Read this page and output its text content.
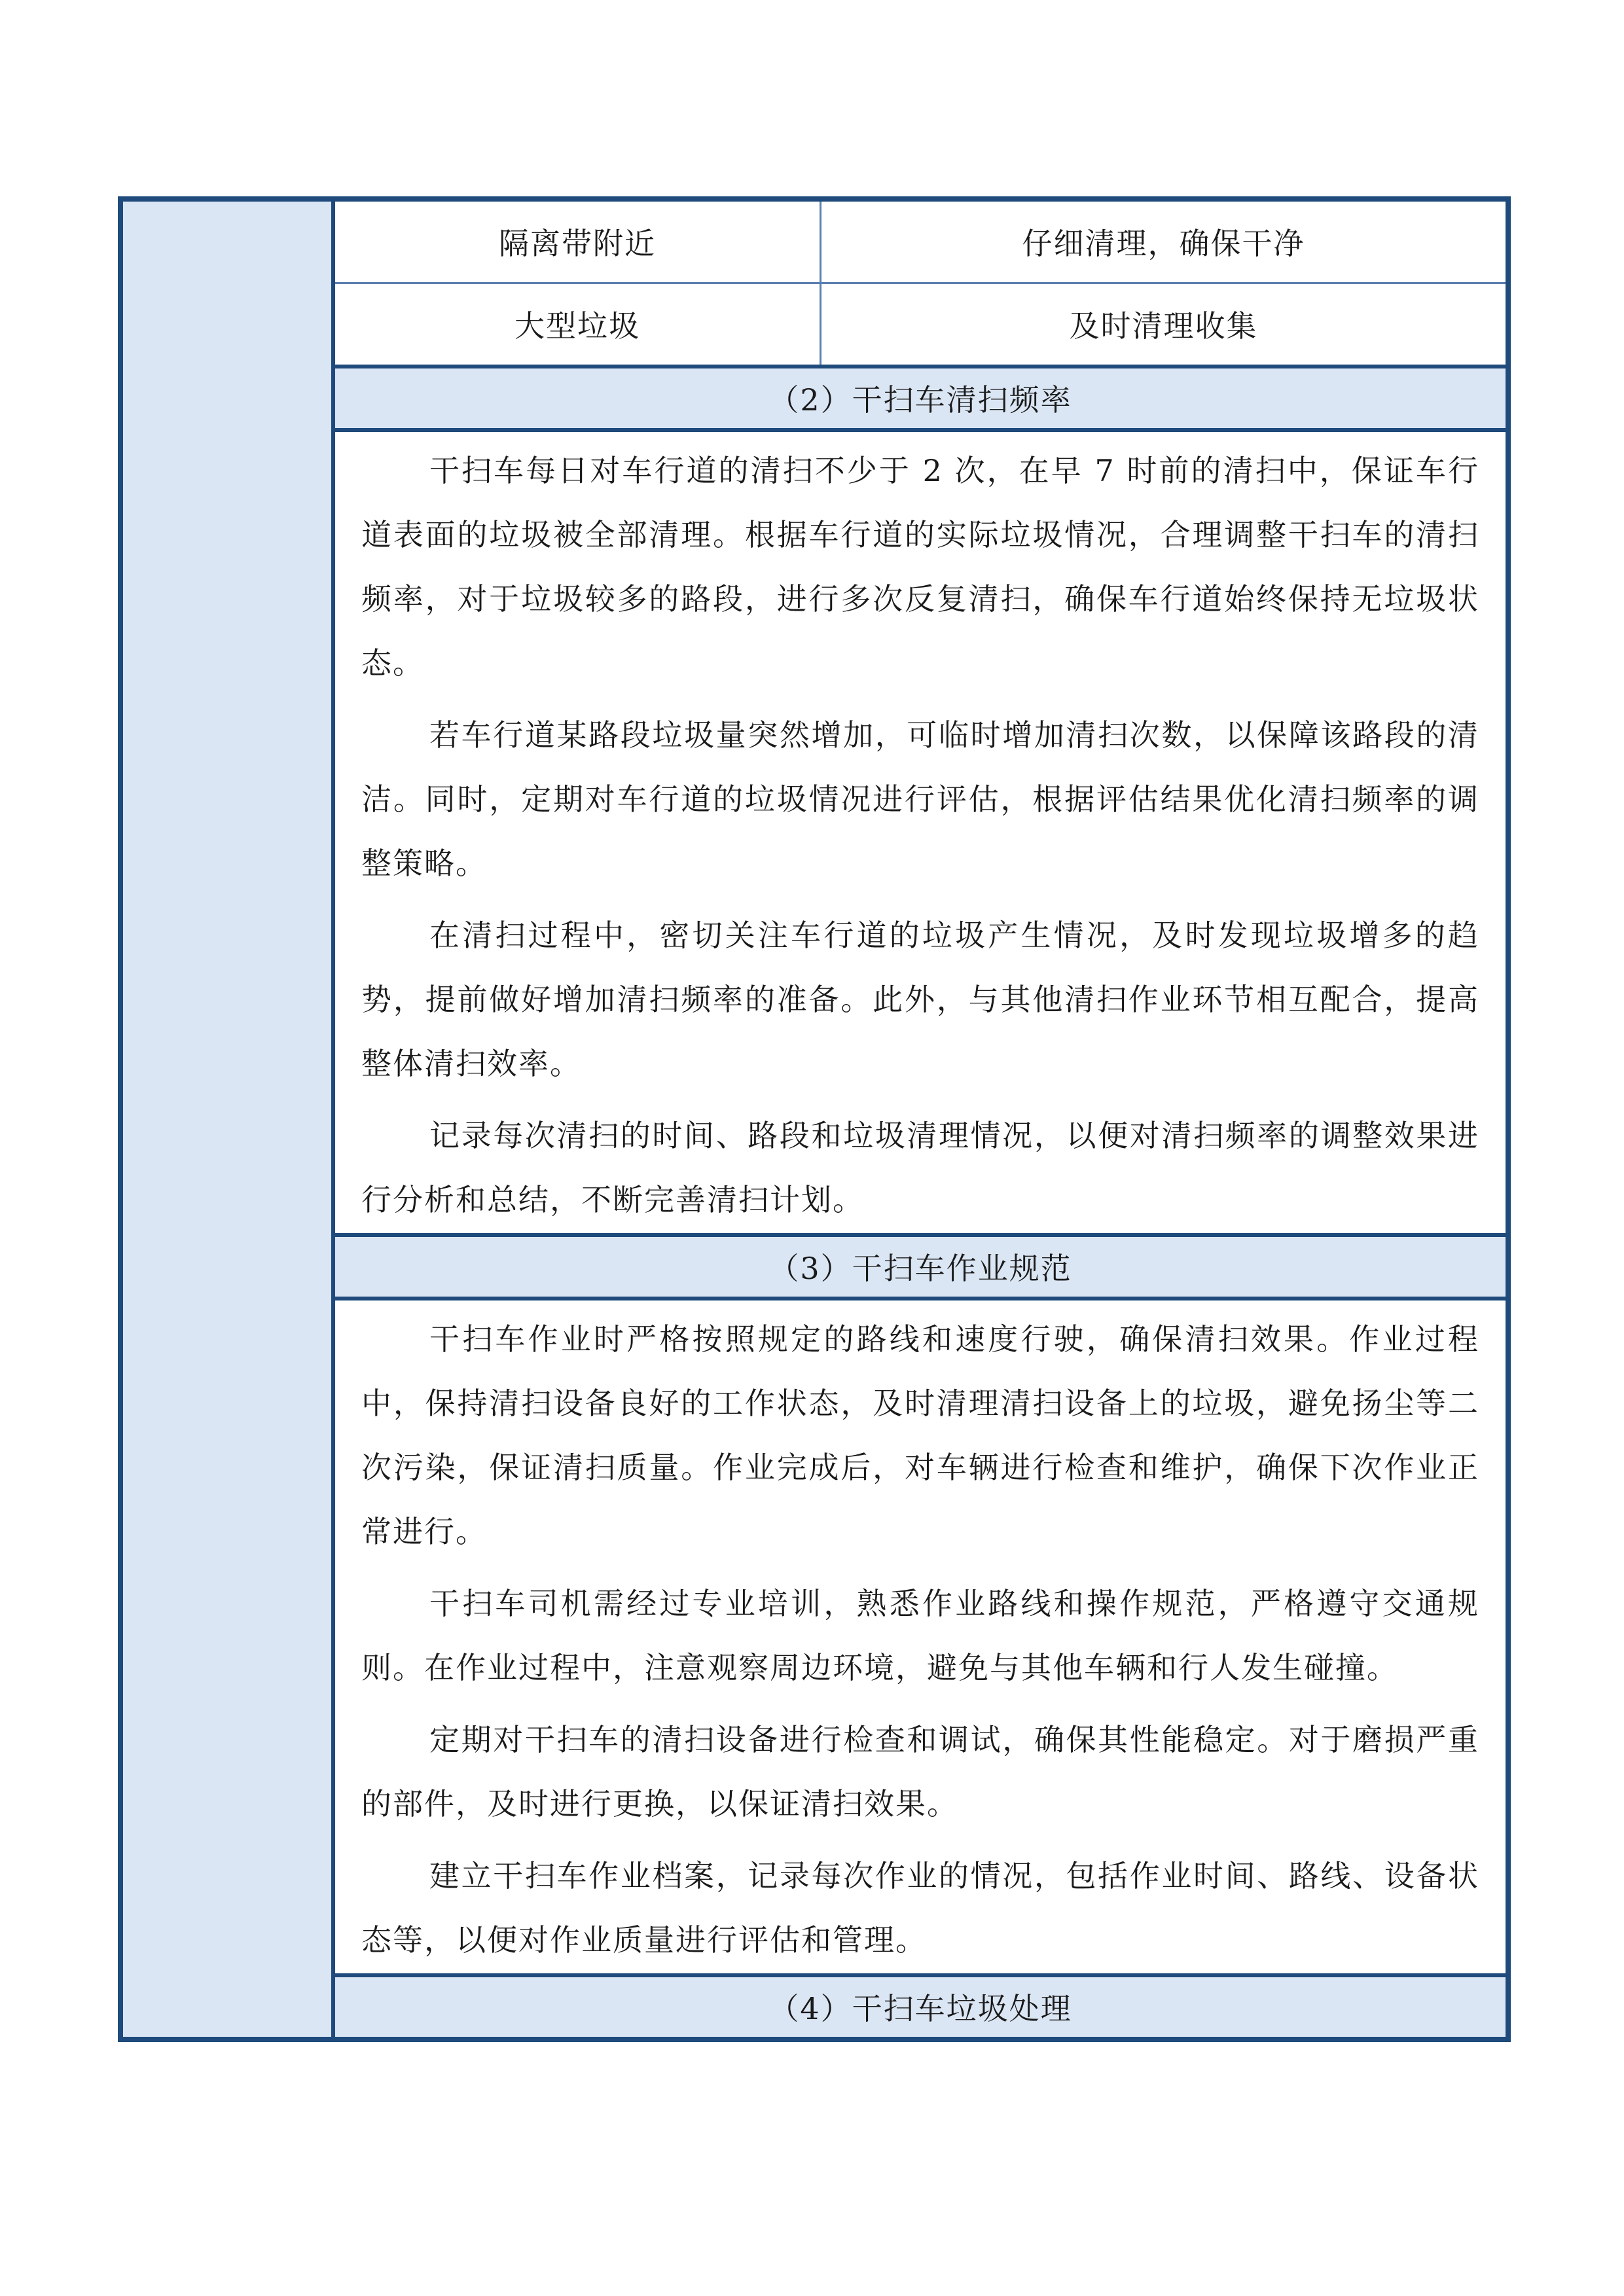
隔离带附近	仔细清理，确保干净
大型垃圾	及时清理收集
（2）干扫车清扫频率

干扫车每日对车行道的清扫不少于 2 次，在早 7 时前的清扫中，保证车行道表面的垃圾被全部清理。根据车行道的实际垃圾情况，合理调整干扫车的清扫频率，对于垃圾较多的路段，进行多次反复清扫，确保车行道始终保持无垃圾状态。

若车行道某路段垃圾量突然增加，可临时增加清扫次数，以保障该路段的清洁。同时，定期对车行道的垃圾情况进行评估，根据评估结果优化清扫频率的调整策略。

在清扫过程中，密切关注车行道的垃圾产生情况，及时发现垃圾增多的趋势，提前做好增加清扫频率的准备。此外，与其他清扫作业环节相互配合，提高整体清扫效率。

记录每次清扫的时间、路段和垃圾清理情况，以便对清扫频率的调整效果进行分析和总结，不断完善清扫计划。

（3）干扫车作业规范

干扫车作业时严格按照规定的路线和速度行驶，确保清扫效果。作业过程中，保持清扫设备良好的工作状态，及时清理清扫设备上的垃圾，避免扬尘等二次污染，保证清扫质量。作业完成后，对车辆进行检查和维护，确保下次作业正常进行。

干扫车司机需经过专业培训，熟悉作业路线和操作规范，严格遵守交通规则。在作业过程中，注意观察周边环境，避免与其他车辆和行人发生碰撞。

定期对干扫车的清扫设备进行检查和调试，确保其性能稳定。对于磨损严重的部件，及时进行更换，以保证清扫效果。

建立干扫车作业档案，记录每次作业的情况，包括作业时间、路线、设备状态等，以便对作业质量进行评估和管理。

（4）干扫车垃圾处理
